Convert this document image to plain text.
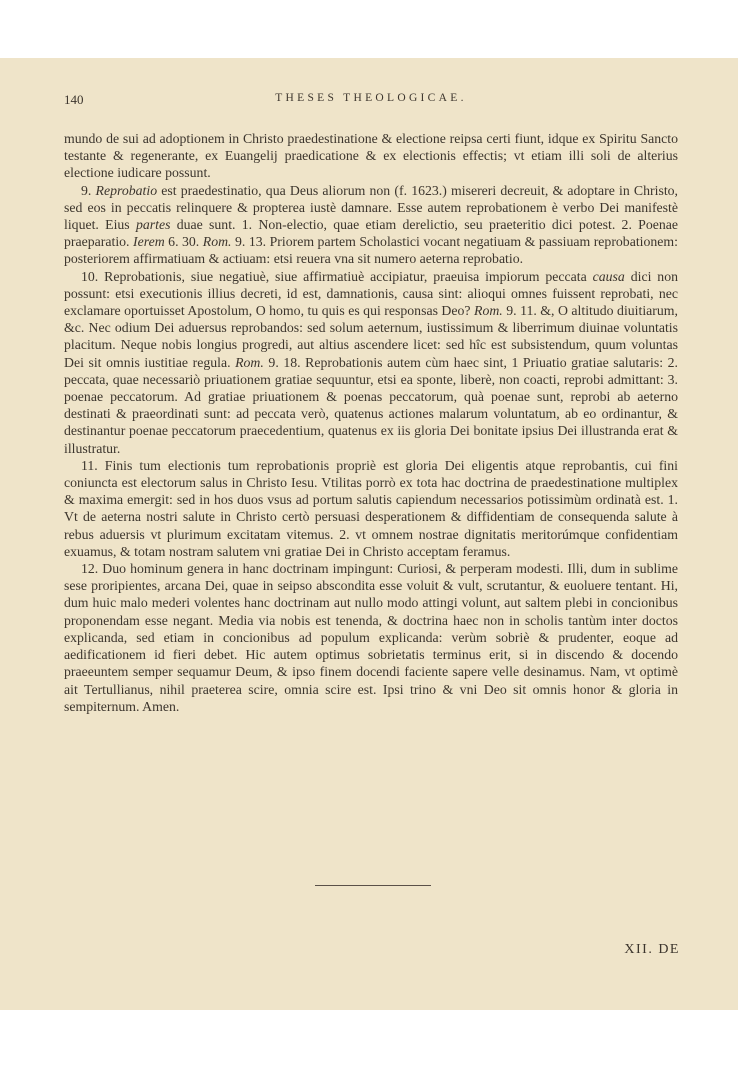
140	THESES THEOLOGICAE.

mundo de sui ad adoptionem in Christo praedestinatione & electione reipsa certi fiunt, idque ex Spiritu Sancto testante & regenerante, ex Euangelij praedicatione & ex electionis effectis; vt etiam illi soli de alterius electione iudicare possunt.

9. Reprobatio est praedestinatio, qua Deus aliorum non (f. 1623.) misereri decreuit, & adoptare in Christo, sed eos in peccatis relinquere & propterea iustè damnare. Esse autem reprobationem è verbo Dei manifestè liquet. Eius partes duae sunt. 1. Non-electio, quae etiam derelictio, seu praeteritio dici potest. 2. Poenae praeparatio. Ierem 6. 30. Rom. 9. 13. Priorem partem Scholastici vocant negatiuam & passiuam reprobationem: posteriorem affirmatiuam & actiuam: etsi reuera vna sit numero aeterna reprobatio.

10. Reprobationis, siue negatiuè, siue affirmatiuè accipiatur, praeuisa impiorum peccata causa dici non possunt: etsi executionis illius decreti, id est, damnationis, causa sint: alioqui omnes fuissent reprobati, nec exclamare oportuisset Apostolum, O homo, tu quis es qui responsas Deo? Rom. 9. 11. &, O altitudo diuitiarum, &c. Nec odium Dei aduersus reprobandos: sed solum aeternum, iustissimum & liberrimum diuinae voluntatis placitum. Neque nobis longius progredi, aut altius ascendere licet: sed hîc est subsistendum, quum voluntas Dei sit omnis iustitiae regula. Rom. 9. 18. Reprobationis autem cùm haec sint, 1 Priuatio gratiae salutaris: 2. peccata, quae necessariò priuationem gratiae sequuntur, etsi ea sponte, liberè, non coacti, reprobi admittant: 3. poenae peccatorum. Ad gratiae priuationem & poenas peccatorum, quà poenae sunt, reprobi ab aeterno destinati & praeordinati sunt: ad peccata verò, quatenus actiones malarum voluntatum, ab eo ordinantur, & destinantur poenae peccatorum praecedentium, quatenus ex iis gloria Dei bonitate ipsius Dei illustranda erat & illustratur.

11. Finis tum electionis tum reprobationis propriè est gloria Dei eligentis atque reprobantis, cui fini coniuncta est electorum salus in Christo Iesu. Vtilitas porrò ex tota hac doctrina de praedestinatione multiplex & maxima emergit: sed in hos duos vsus ad portum salutis capiendum necessarios potissimùm ordinatà est. 1. Vt de aeterna nostri salute in Christo certò persuasi desperationem & diffidentiam de consequenda salute à rebus aduersis vt plurimum excitatam vitemus. 2. vt omnem nostrae dignitatis meritorúmque confidentiam exuamus, & totam nostram salutem vni gratiae Dei in Christo acceptam feramus.

12. Duo hominum genera in hanc doctrinam impingunt: Curiosi, & perperam modesti. Illi, dum in sublime sese proripientes, arcana Dei, quae in seipso abscondita esse voluit & vult, scrutantur, & euoluere tentant. Hi, dum huic malo mederi volentes hanc doctrinam aut nullo modo attingi volunt, aut saltem plebi in concionibus proponendam esse negant. Media via nobis est tenenda, & doctrina haec non in scholis tantùm inter doctos explicanda, sed etiam in concionibus ad populum explicanda: verùm sobriè & prudenter, eoque ad aedificationem id fieri debet. Hic autem optimus sobrietatis terminus erit, si in discendo & docendo praeeuntem semper sequamur Deum, & ipso finem docendi faciente sapere velle desinamus. Nam, vt optimè ait Tertullianus, nihil praeterea scire, omnia scire est. Ipsi trino & vni Deo sit omnis honor & gloria in sempiternum. Amen.

XII. DE
